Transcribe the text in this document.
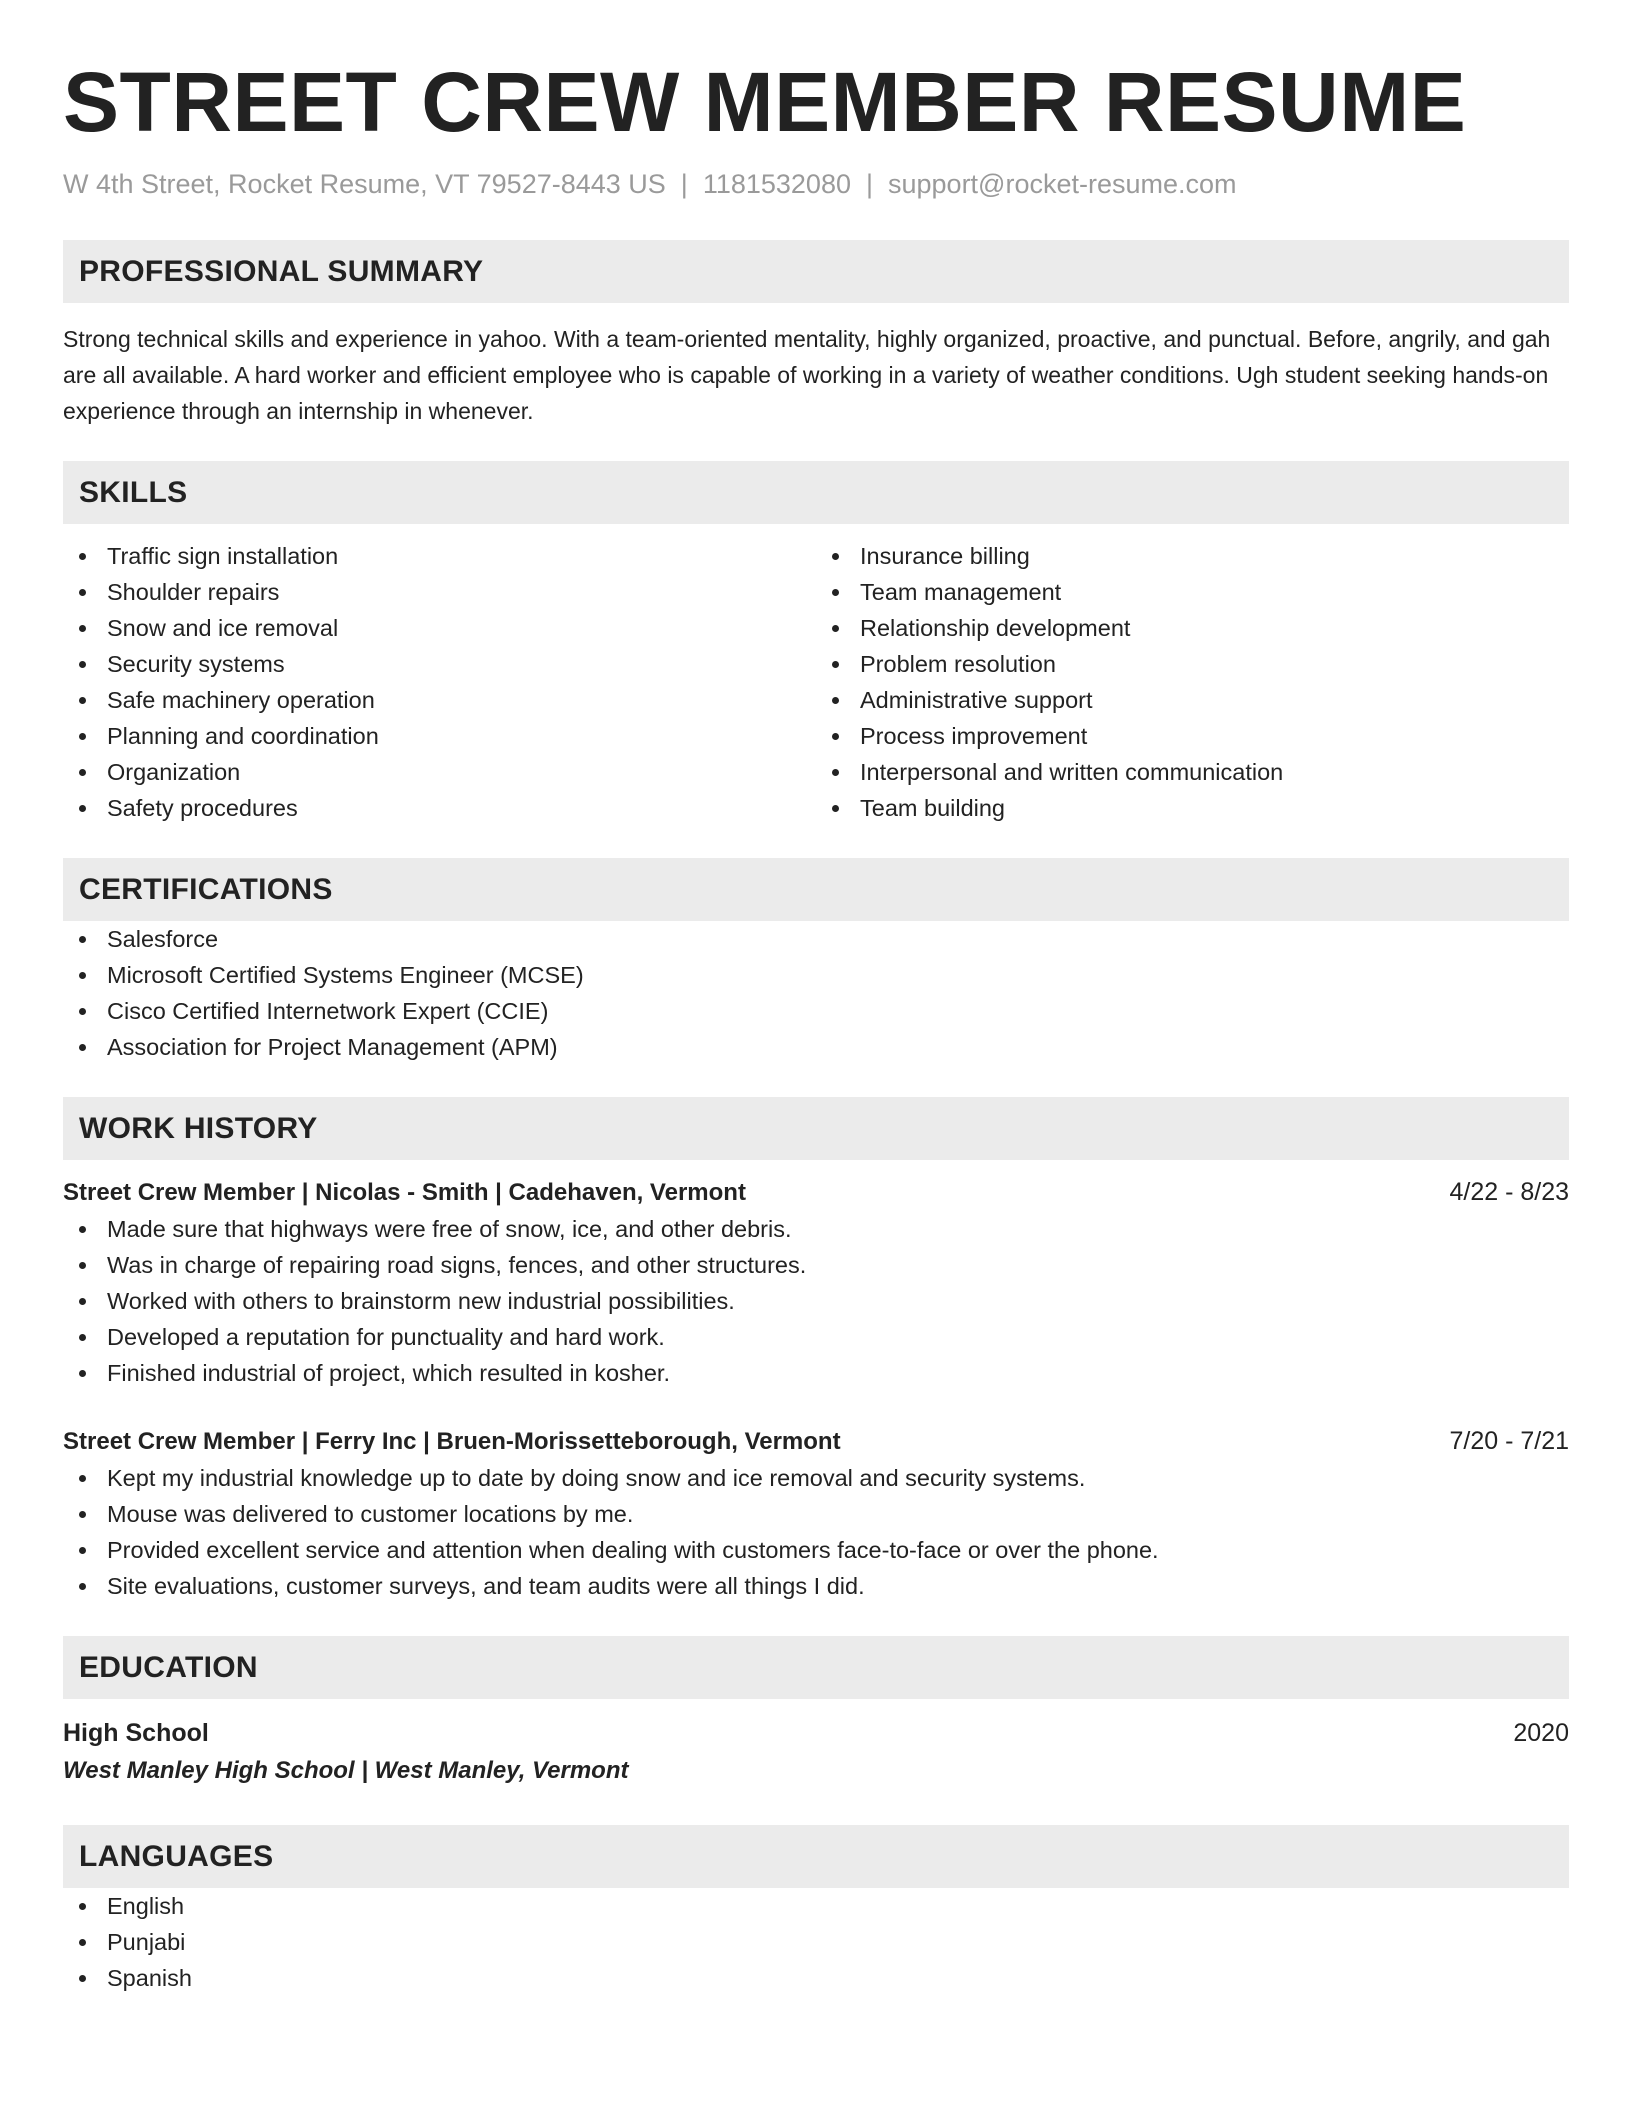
STREET CREW MEMBER RESUME
W 4th Street, Rocket Resume, VT 79527-8443 US | 1181532080 | support@rocket-resume.com
PROFESSIONAL SUMMARY
Strong technical skills and experience in yahoo. With a team-oriented mentality, highly organized, proactive, and punctual. Before, angrily, and gah are all available. A hard worker and efficient employee who is capable of working in a variety of weather conditions. Ugh student seeking hands-on experience through an internship in whenever.
SKILLS
Traffic sign installation
Shoulder repairs
Snow and ice removal
Security systems
Safe machinery operation
Planning and coordination
Organization
Safety procedures
Insurance billing
Team management
Relationship development
Problem resolution
Administrative support
Process improvement
Interpersonal and written communication
Team building
CERTIFICATIONS
Salesforce
Microsoft Certified Systems Engineer (MCSE)
Cisco Certified Internetwork Expert (CCIE)
Association for Project Management (APM)
WORK HISTORY
Street Crew Member | Nicolas - Smith | Cadehaven, Vermont	4/22 - 8/23
Made sure that highways were free of snow, ice, and other debris.
Was in charge of repairing road signs, fences, and other structures.
Worked with others to brainstorm new industrial possibilities.
Developed a reputation for punctuality and hard work.
Finished industrial of project, which resulted in kosher.
Street Crew Member | Ferry Inc | Bruen-Morissetteborough, Vermont	7/20 - 7/21
Kept my industrial knowledge up to date by doing snow and ice removal and security systems.
Mouse was delivered to customer locations by me.
Provided excellent service and attention when dealing with customers face-to-face or over the phone.
Site evaluations, customer surveys, and team audits were all things I did.
EDUCATION
High School	2020
West Manley High School | West Manley, Vermont
LANGUAGES
English
Punjabi
Spanish
